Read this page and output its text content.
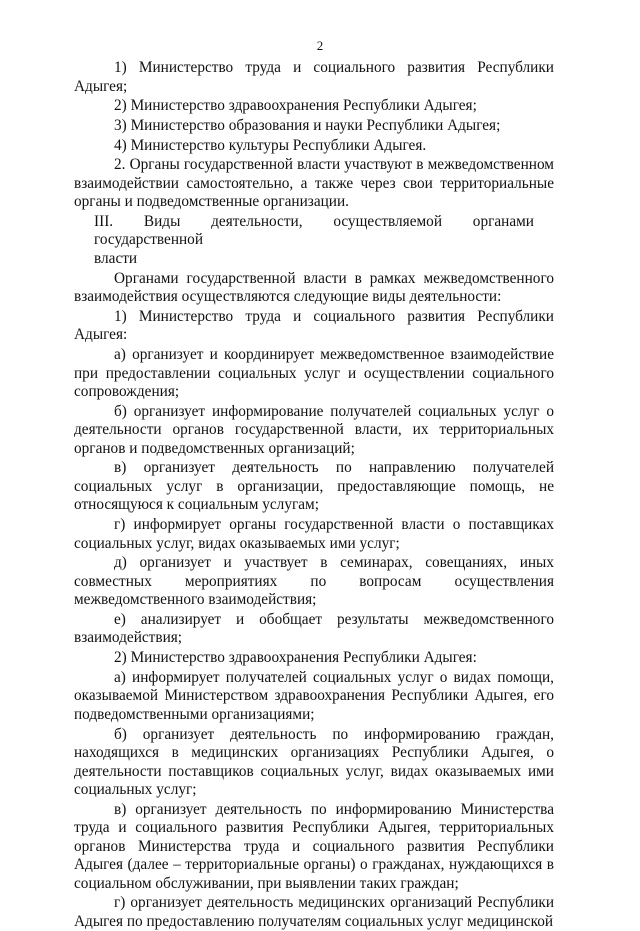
2

1) Министерство труда и социального развития Республики Адыгея;

2) Министерство здравоохранения Республики Адыгея;

3) Министерство образования и науки Республики Адыгея;

4) Министерство культуры Республики Адыгея.

2. Органы государственной власти участвуют в межведомственном взаимодействии самостоятельно, а также через свои территориальные органы и подведомственные организации.

III. Виды деятельности, осуществляемой органами государственной
власти

Органами государственной власти в рамках межведомственного взаимодействия осуществляются следующие виды деятельности:

1) Министерство труда и социального развития Республики Адыгея:

а) организует и координирует межведомственное взаимодействие при предоставлении социальных услуг и осуществлении социального сопровождения;

б) организует информирование получателей социальных услуг о деятельности органов государственной власти, их территориальных органов и подведомственных организаций;

в) организует деятельность по направлению получателей социальных услуг в организации, предоставляющие помощь, не относящуюся к социальным услугам;

г) информирует органы государственной власти о поставщиках социальных услуг, видах оказываемых ими услуг;

д) организует и участвует в семинарах, совещаниях, иных совместных мероприятиях по вопросам осуществления межведомственного взаимодействия;

е) анализирует и обобщает результаты межведомственного взаимодействия;

2) Министерство здравоохранения Республики Адыгея:

а) информирует получателей социальных услуг о видах помощи, оказываемой Министерством здравоохранения Республики Адыгея, его подведомственными организациями;

б) организует деятельность по информированию граждан, находящихся в медицинских организациях Республики Адыгея, о деятельности поставщиков социальных услуг, видах оказываемых ими социальных услуг;

в) организует деятельность по информированию Министерства труда и социального развития Республики Адыгея, территориальных органов Министерства труда и социального развития Республики Адыгея (далее – территориальные органы) о гражданах, нуждающихся в социальном обслуживании, при выявлении таких граждан;

г) организует деятельность медицинских организаций Республики Адыгея по предоставлению получателям социальных услуг медицинской
